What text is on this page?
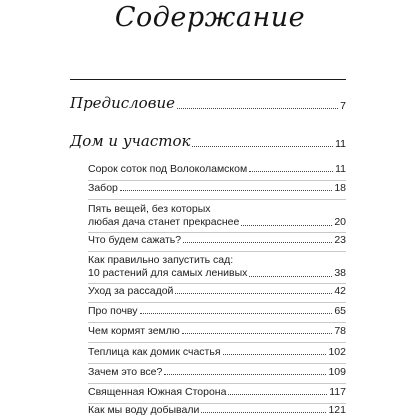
Содержание
Предисловие	7
Дом и участок	11
Сорок соток под Волоколамском	11
Забор	18
Пять вещей, без которых
любая дача станет прекраснее	20
Что будем сажать?	23
Как правильно запустить сад:
10 растений для самых ленивых	38
Уход за рассадой	42
Про почву	65
Чем кормят землю	78
Теплица как домик счастья	102
Зачем это все?	109
Священная Южная Сторона	117
Как мы воду добывали	121
